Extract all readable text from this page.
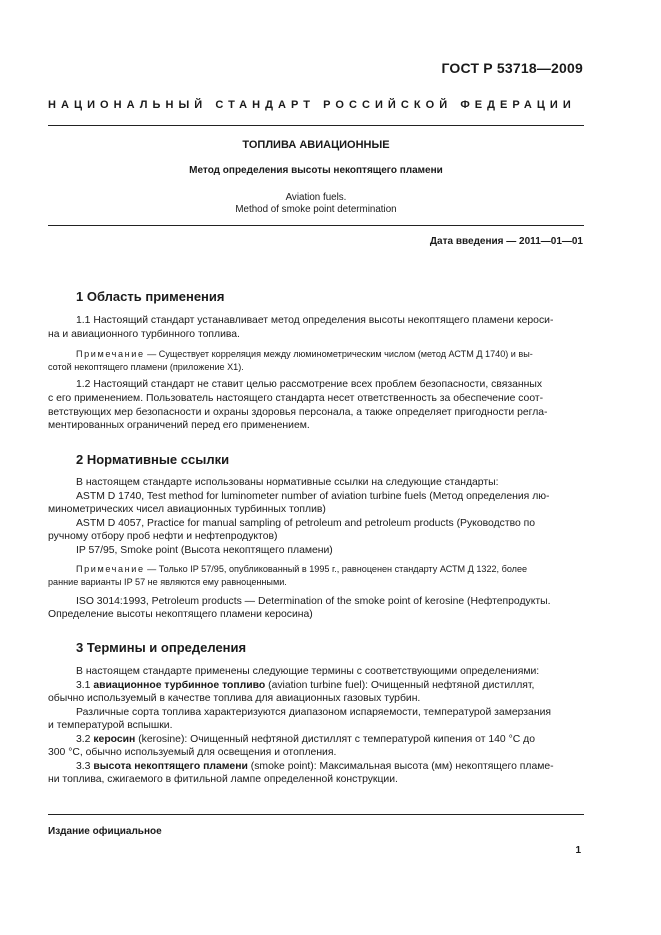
ГОСТ Р 53718—2009
НАЦИОНАЛЬНЫЙ СТАНДАРТ РОССИЙСКОЙ ФЕДЕРАЦИИ
ТОПЛИВА АВИАЦИОННЫЕ
Метод определения высоты некоптящего пламени
Aviation fuels.
Method of smoke point determination
Дата введения — 2011—01—01
1 Область применения

1.1 Настоящий стандарт устанавливает метод определения высоты некоптящего пламени кероси-

на и авиационного турбинного топлива.

Примечание — Существует корреляция между люминометрическим числом (метод АСТМ Д 1740) и вы-

сотой некоптящего пламени (приложение X1).

1.2 Настоящий стандарт не ставит целью рассмотрение всех проблем безопасности, связанных

с его применением. Пользователь настоящего стандарта несет ответственность за обеспечение соот-

ветствующих мер безопасности и охраны здоровья персонала, а также определяет пригодности регла-

ментированных ограничений перед его применением.

2 Нормативные ссылки

В настоящем стандарте использованы нормативные ссылки на следующие стандарты:

ASTM D 1740, Test method for luminometer number of aviation turbine fuels (Метод определения лю-

минометрических чисел авиационных турбинных топлив)

ASTM D 4057, Practice for manual sampling of petroleum and petroleum products (Руководство по

ручному отбору проб нефти и нефтепродуктов)

IP 57/95, Smoke point (Высота некоптящего пламени)

Примечание — Только IP 57/95, опубликованный в 1995 г., равноценен стандарту АСТМ Д 1322, более

ранние варианты IP 57 не являются ему равноценными.

ISO 3014:1993, Petroleum products — Determination of the smoke point of kerosine (Нефтепродукты.

Определение высоты некоптящего пламени керосина)

3 Термины и определения

В настоящем стандарте применены следующие термины с соответствующими определениями:

3.1 авиационное турбинное топливо (aviation turbine fuel): Очищенный нефтяной дистиллят,

обычно используемый в качестве топлива для авиационных газовых турбин.

Различные сорта топлива характеризуются диапазоном испаряемости, температурой замерзания

и температурой вспышки.

3.2 керосин (kerosine): Очищенный нефтяной дистиллят с температурой кипения от 140 °С до

300 °С, обычно используемый для освещения и отопления.

3.3 высота некоптящего пламени (smoke point): Максимальная высота (мм) некоптящего пламе-

ни топлива, сжигаемого в фитильной лампе определенной конструкции.

Издание официальное
1
